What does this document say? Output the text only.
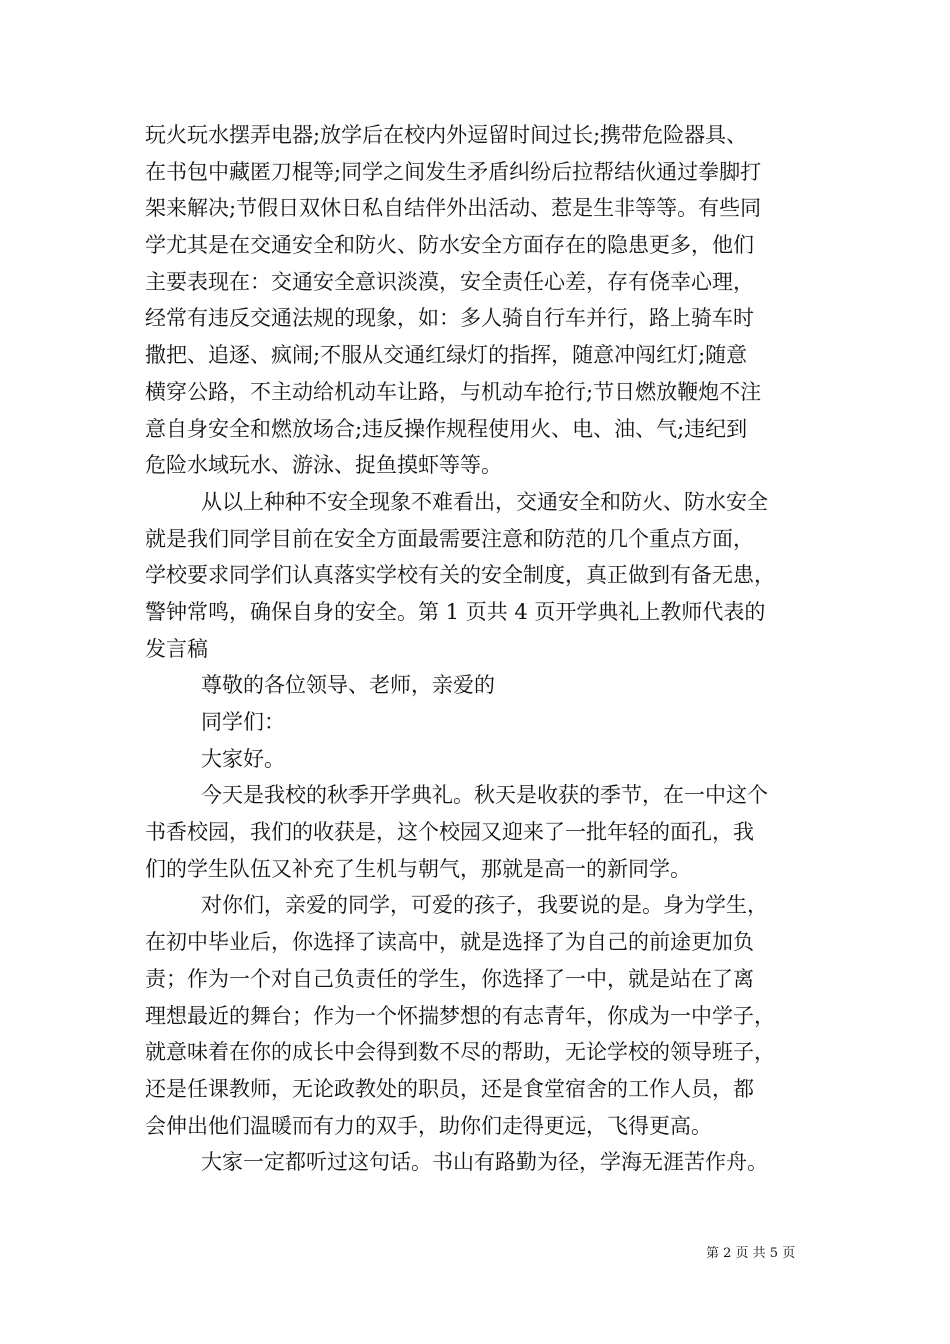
玩火玩水摆弄电器;放学后在校内外逗留时间过长;携带危险器具、
在书包中藏匿刀棍等;同学之间发生矛盾纠纷后拉帮结伙通过拳脚打
架来解决;节假日双休日私自结伴外出活动、惹是生非等等。有些同
学尤其是在交通安全和防火、防水安全方面存在的隐患更多，他们
主要表现在：交通安全意识淡漠，安全责任心差，存有侥幸心理，
经常有违反交通法规的现象，如：多人骑自行车并行，路上骑车时
撒把、追逐、疯闹;不服从交通红绿灯的指挥，随意冲闯红灯;随意
横穿公路，不主动给机动车让路，与机动车抢行;节日燃放鞭炮不注
意自身安全和燃放场合;违反操作规程使用火、电、油、气;违纪到
危险水域玩水、游泳、捉鱼摸虾等等。
从以上种种不安全现象不难看出，交通安全和防火、防水安全
就是我们同学目前在安全方面最需要注意和防范的几个重点方面，
学校要求同学们认真落实学校有关的安全制度，真正做到有备无患，
警钟常鸣，确保自身的安全。第 1 页共 4 页开学典礼上教师代表的
发言稿
尊敬的各位领导、老师，亲爱的
同学们：
大家好。
今天是我校的秋季开学典礼。秋天是收获的季节，在一中这个
书香校园，我们的收获是，这个校园又迎来了一批年轻的面孔，我
们的学生队伍又补充了生机与朝气，那就是高一的新同学。
对你们，亲爱的同学，可爱的孩子，我要说的是。身为学生，
在初中毕业后，你选择了读高中，就是选择了为自己的前途更加负
责；作为一个对自己负责任的学生，你选择了一中，就是站在了离
理想最近的舞台；作为一个怀揣梦想的有志青年，你成为一中学子，
就意味着在你的成长中会得到数不尽的帮助，无论学校的领导班子，
还是任课教师，无论政教处的职员，还是食堂宿舍的工作人员，都
会伸出他们温暖而有力的双手，助你们走得更远，飞得更高。
大家一定都听过这句话。书山有路勤为径，学海无涯苦作舟。
第 2 页 共 5 页
